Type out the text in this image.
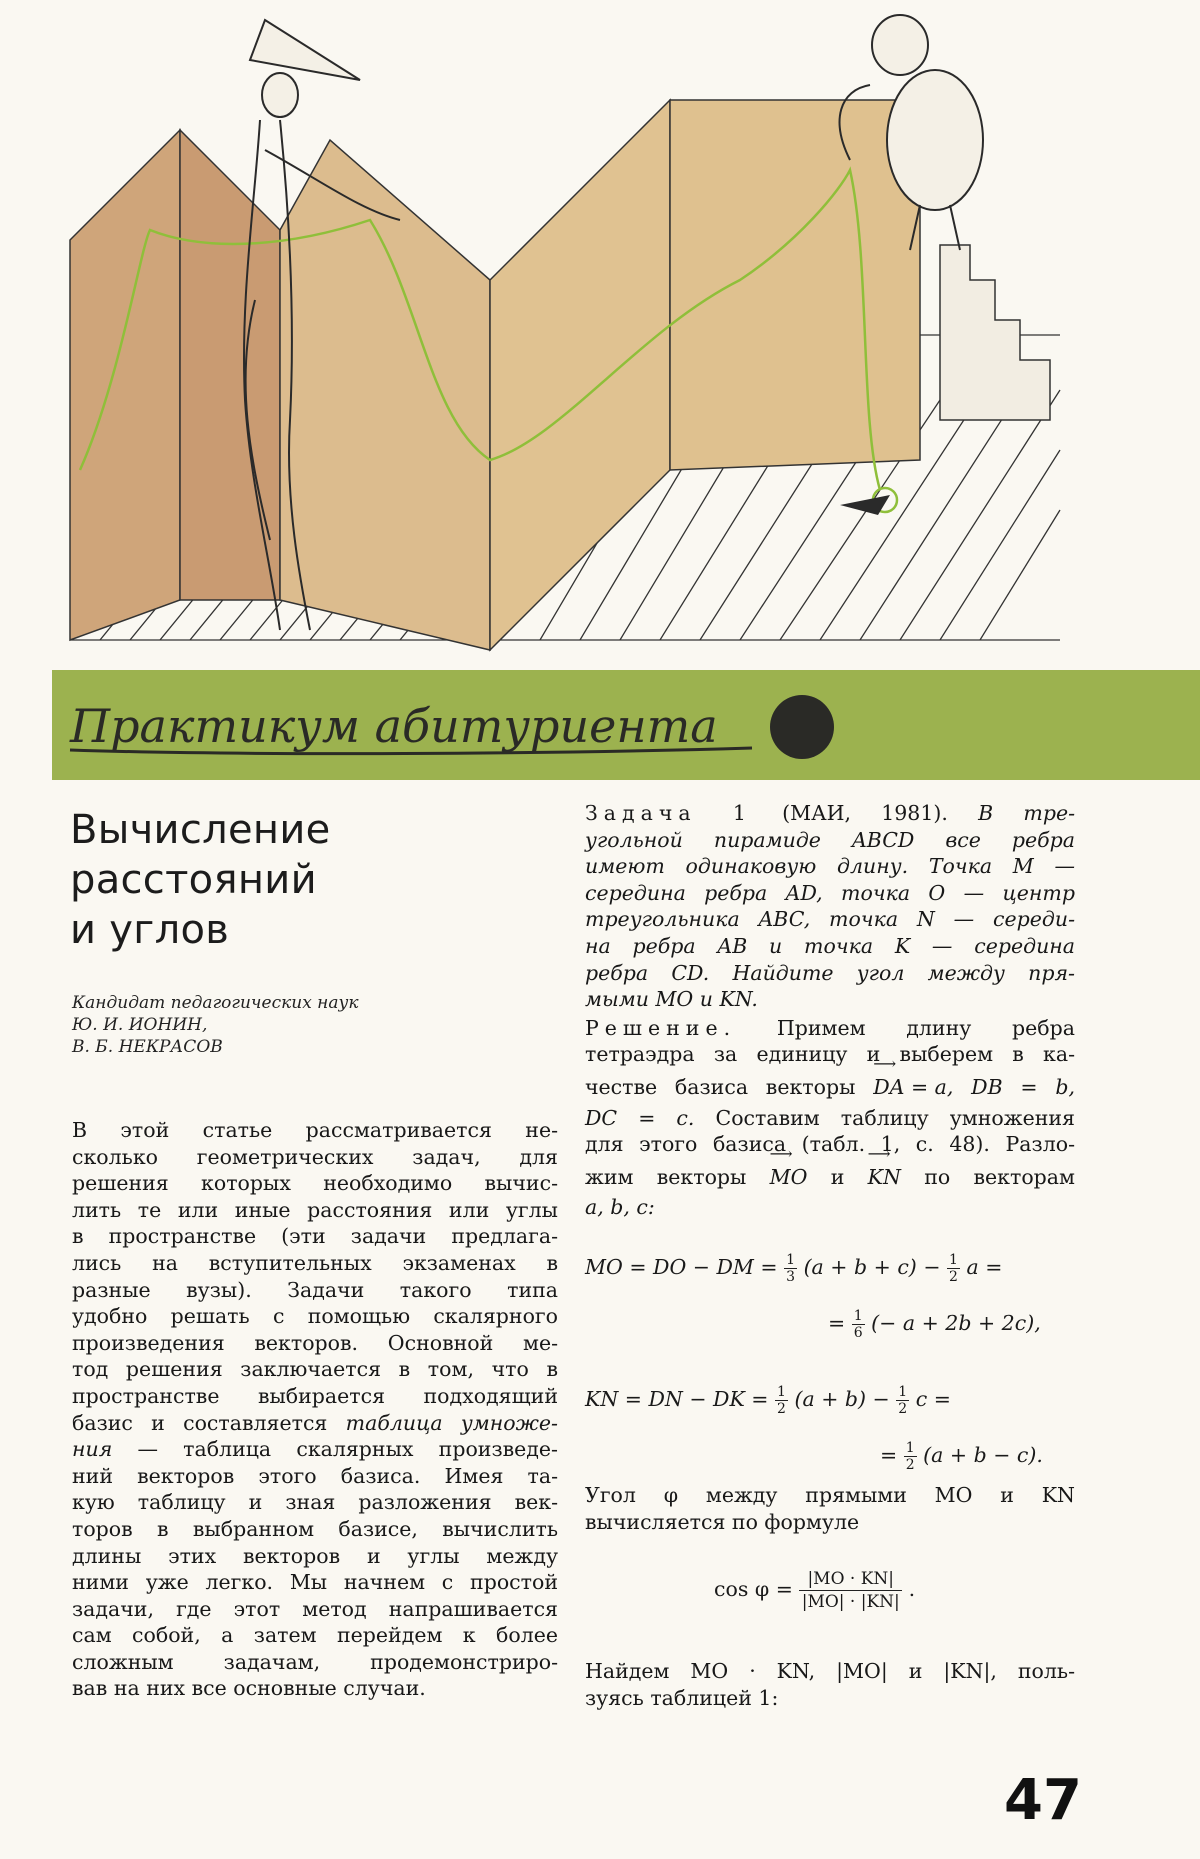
Практикум абитуриента
Вычисление
расстояний
и углов
Кандидат педагогических наук
Ю. И. ИОНИН,
В. Б. НЕКРАСОВ
В этой статье рассматривается не-
сколько геометрических задач, для
решения которых необходимо вычис-
лить те или иные расстояния или углы
в пространстве (эти задачи предлага-
лись на вступительных экзаменах в
разные вузы). Задачи такого типа
удобно решать с помощью скалярного
произведения векторов. Основной ме-
тод решения заключается в том, что в
пространстве выбирается подходящий
базис и составляется таблица умноже-
ния — таблица скалярных произведе-
ний векторов этого базиса. Имея та-
кую таблицу и зная разложения век-
торов в выбранном базисе, вычислить
длины этих векторов и углы между
ними уже легко. Мы начнем с простой
задачи, где этот метод напрашивается
сам собой, а затем перейдем к более
сложным задачам, продемонстриро-
вав на них все основные случаи.
Задача 1 (МАИ, 1981). В тре-
угольной пирамиде ABCD все ребра
имеют одинаковую длину. Точка M —
середина ребра AD, точка O — центр
треугольника ABC, точка N — середи-
на ребра AB и точка K — середина
ребра CD. Найдите угол между пря-
мыми MO и KN.
Решение. Примем длину ребра
тетраэдра за единицу и выберем в ка-
честве базиса векторы ⟶ DA = a, DB = b,
DC = c. Составим таблицу умножения
для этого базиса (табл. 1, с. 48). Разло-
жим векторы ⟶ MO и ⟶ KN по векторам
a, b, c:
MO = DO − DM = $\frac{1}{3} (a + b + c) - \frac{1}{2}$ a =
= $\frac{1}{6}$ (− a + 2b + 2c),
KN = DN − DK = $\frac{1}{2} (a + b) - \frac{1}{2}$ c =
= $\frac{1}{2} (a + b - c)$.
Угол φ между прямыми MO и KN
вычисляется по формуле
$\cos \varphi = \frac{|MO \cdot KN|}{|MO| \cdot |KN|}$ .
Найдем MO · KN, |MO| и |KN|, поль-
зуясь таблицей 1:
47
